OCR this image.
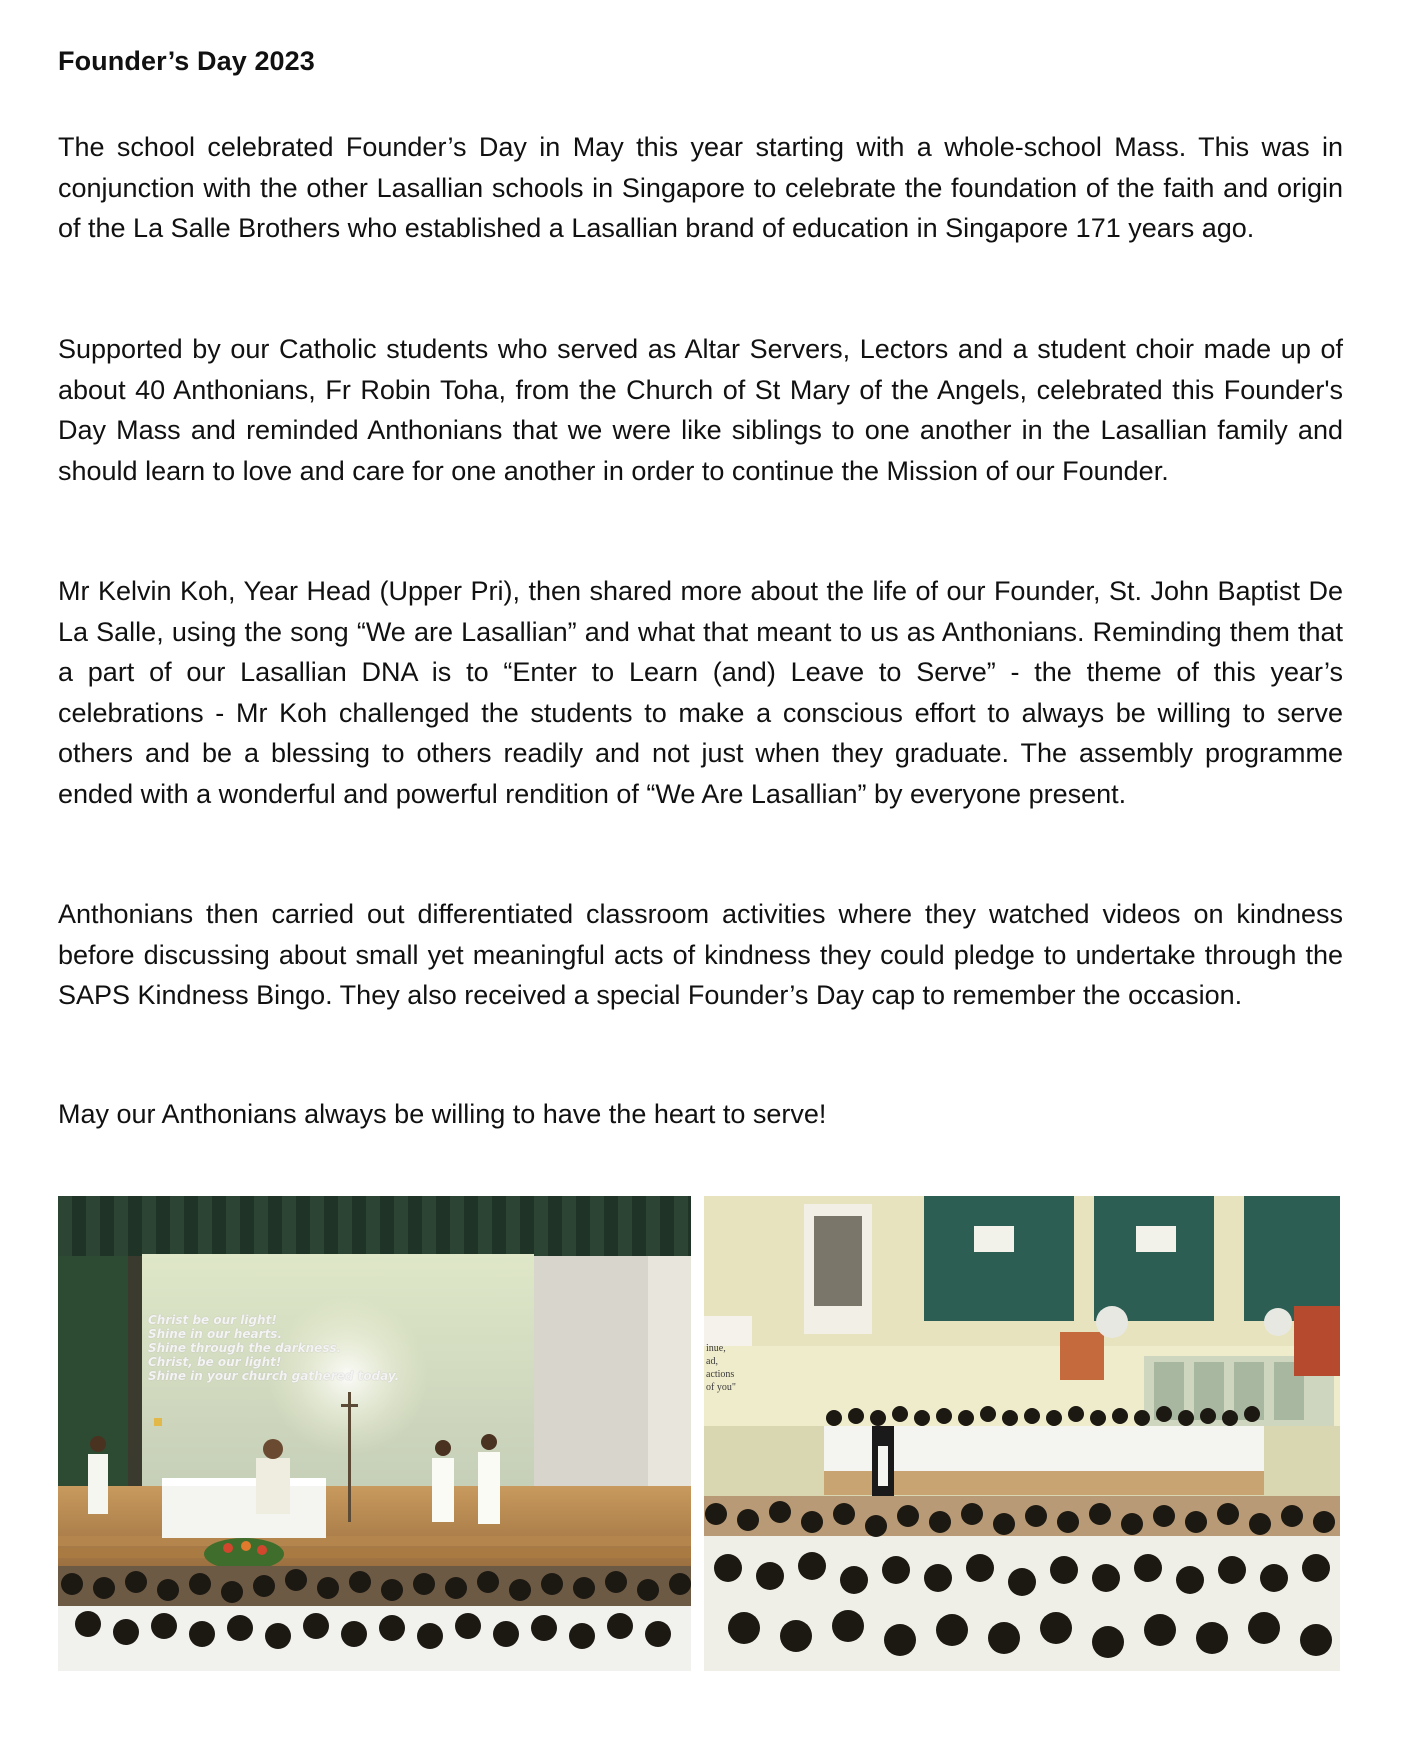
Founder’s Day 2023

The school celebrated Founder’s Day in May this year starting with a whole-school Mass. This was in conjunction with the other Lasallian schools in Singapore to celebrate the foundation of the faith and origin of the La Salle Brothers who established a Lasallian brand of education in Singapore 171 years ago.

Supported by our Catholic students who served as Altar Servers, Lectors and a student choir made up of about 40 Anthonians, Fr Robin Toha, from the Church of St Mary of the Angels, celebrated this Founder's Day Mass and reminded Anthonians that we were like siblings to one another in the Lasallian family and should learn to love and care for one another in order to continue the Mission of our Founder.

Mr Kelvin Koh, Year Head (Upper Pri), then shared more about the life of our Founder, St. John Baptist De La Salle, using the song “We are Lasallian” and what that meant to us as Anthonians. Reminding them that a part of our Lasallian DNA is to “Enter to Learn (and) Leave to Serve” - the theme of this year’s celebrations - Mr Koh challenged the students to make a conscious effort to always be willing to serve others and be a blessing to others readily and not just when they graduate. The assembly programme ended with a wonderful and powerful rendition of “We Are Lasallian” by everyone present.

Anthonians then carried out differentiated classroom activities where they watched videos on kindness before discussing about small yet meaningful acts of kindness they could pledge to undertake through the SAPS Kindness Bingo. They also received a special Founder’s Day cap to remember the occasion.

May our Anthonians always be willing to have the heart to serve!

Christ be our light!
Shine in our hearts.
Shine through the darkness.
Christ, be our light!
Shine in your church gathered today.
inue,
ad,
actions
of you"
